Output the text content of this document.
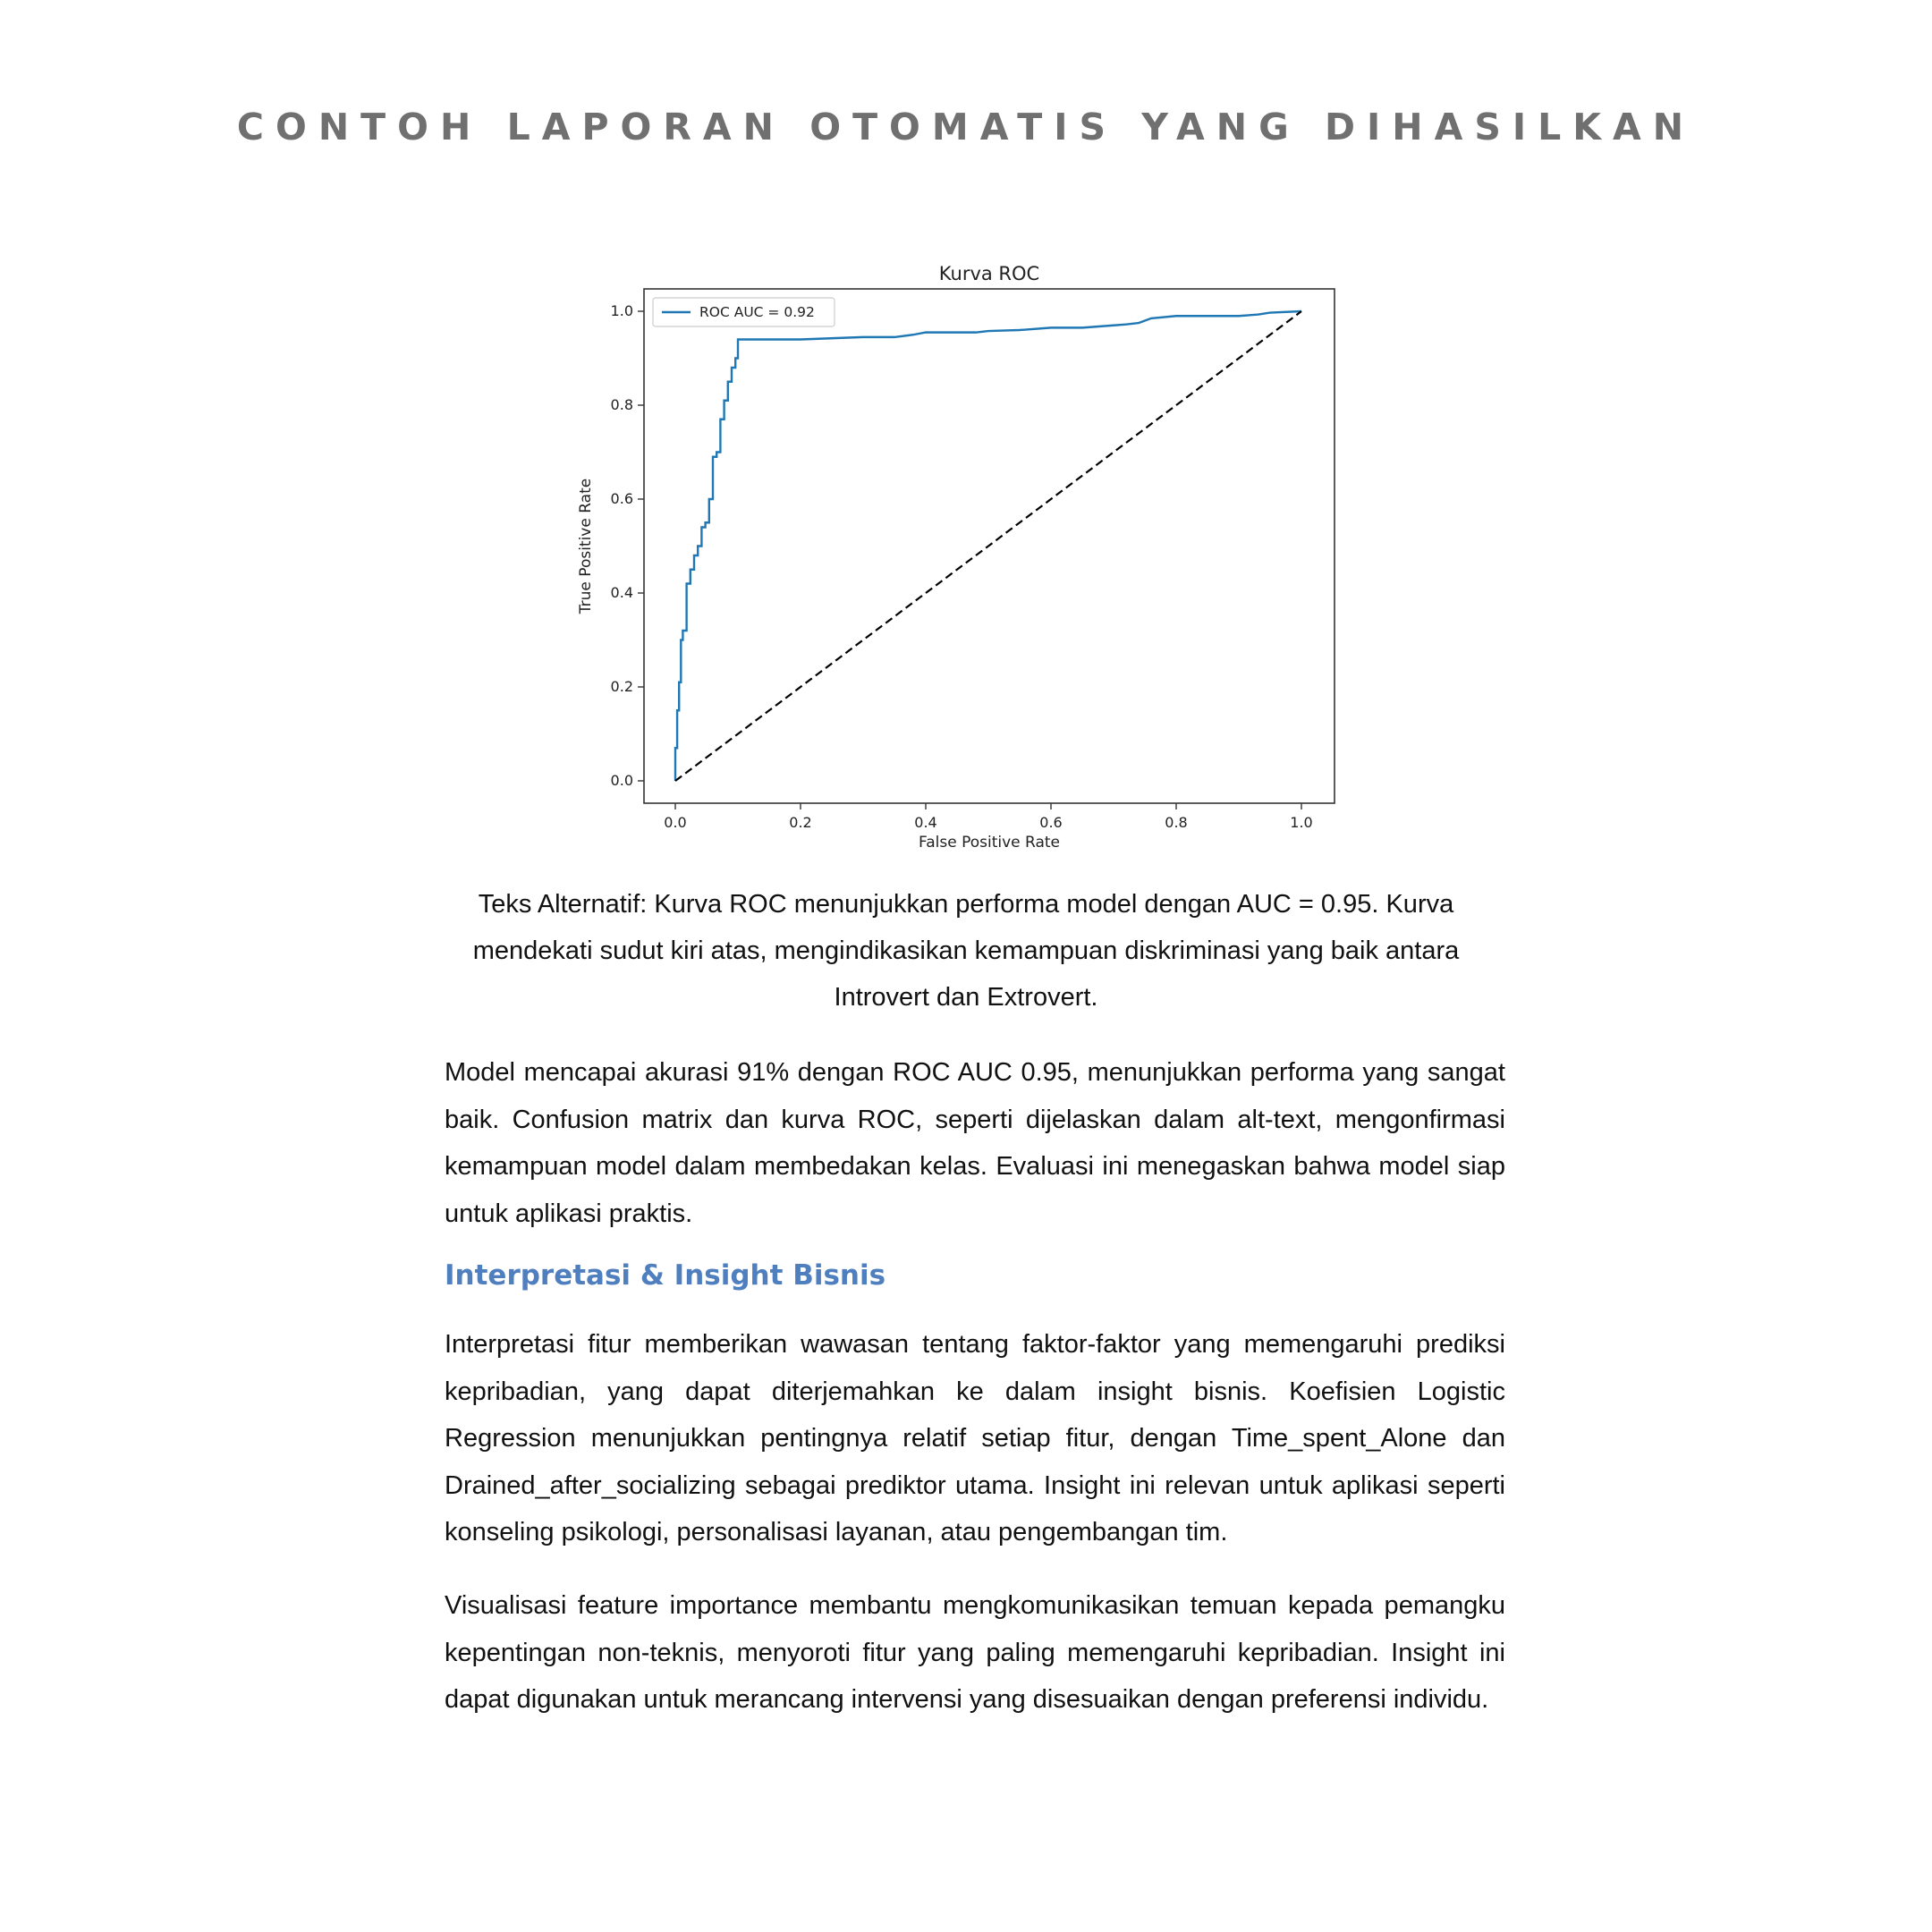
CONTOH LAPORAN OTOMATIS YANG DIHASILKAN
Kurva ROC
0.0	0.2	0.4	0.6	0.8	1.0
0.0
0.2
0.4
0.6
0.8
1.0
False Positive Rate
True Positive Rate
ROC AUC = 0.92
Teks Alternatif: Kurva ROC menunjukkan performa model dengan AUC = 0.95. Kurva mendekati sudut kiri atas, mengindikasikan kemampuan diskriminasi yang baik antara Introvert dan Extrovert.
Model mencapai akurasi 91% dengan ROC AUC 0.95, menunjukkan performa yang sangat baik. Confusion matrix dan kurva ROC, seperti dijelaskan dalam alt-text, mengonfirmasi kemampuan model dalam membedakan kelas. Evaluasi ini menegaskan bahwa model siap untuk aplikasi praktis.
Interpretasi & Insight Bisnis
Interpretasi fitur memberikan wawasan tentang faktor-faktor yang memengaruhi prediksi kepribadian, yang dapat diterjemahkan ke dalam insight bisnis. Koefisien Logistic Regression menunjukkan pentingnya relatif setiap fitur, dengan Time_spent_Alone dan Drained_after_socializing sebagai prediktor utama. Insight ini relevan untuk aplikasi seperti konseling psikologi, personalisasi layanan, atau pengembangan tim.
Visualisasi feature importance membantu mengkomunikasikan temuan kepada pemangku kepentingan non-teknis, menyoroti fitur yang paling memengaruhi kepribadian. Insight ini dapat digunakan untuk merancang intervensi yang disesuaikan dengan preferensi individu.
